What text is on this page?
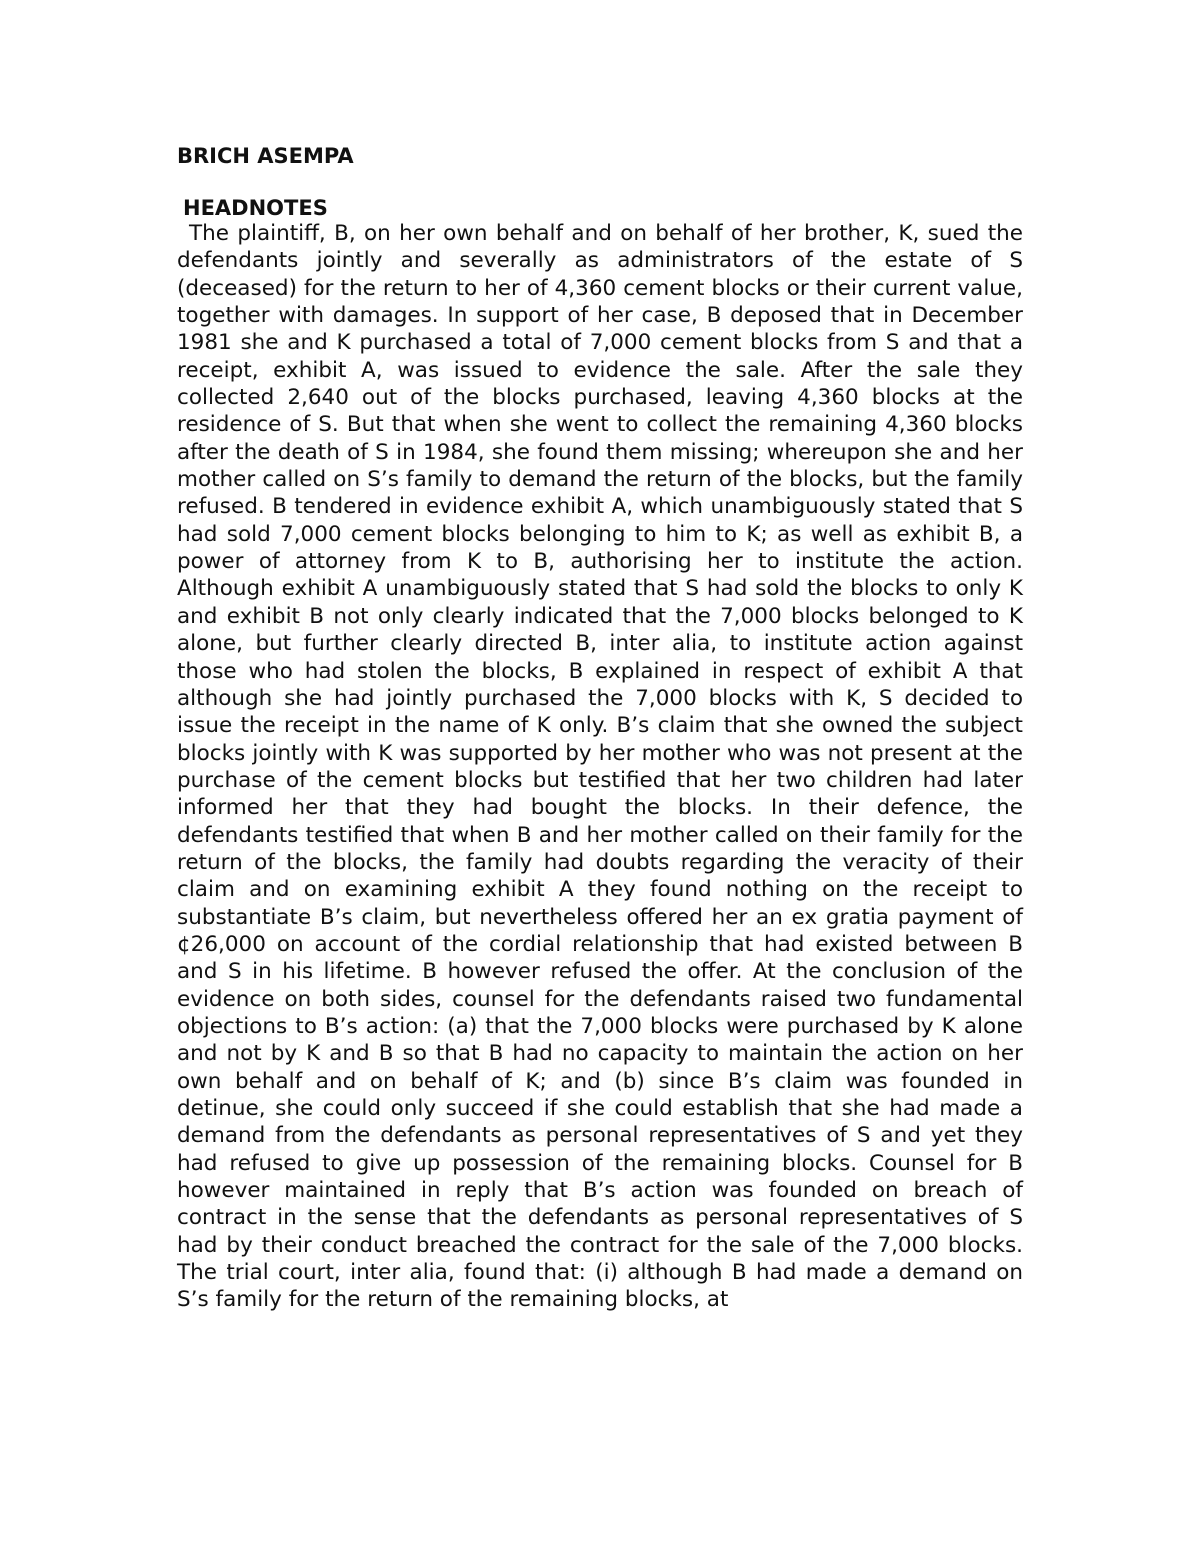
BRICH ASEMPA
HEADNOTES

The plaintiff, B, on her own behalf and on behalf of her brother, K, sued the defendants jointly and severally as administrators of the estate of S (deceased) for the return to her of 4,360 cement blocks or their current value, together with damages. In support of her case, B deposed that in December 1981 she and K purchased a total of 7,000 cement blocks from S and that a receipt, exhibit A, was issued to evidence the sale. After the sale they collected 2,640 out of the blocks purchased, leaving 4,360 blocks at the residence of S. But that when she went to collect the remaining 4,360 blocks after the death of S in 1984, she found them missing; whereupon she and her mother called on S’s family to demand the return of the blocks, but the family refused. B tendered in evidence exhibit A, which unambiguously stated that S had sold 7,000 cement blocks belonging to him to K; as well as exhibit B, a power of attorney from K to B, authorising her to institute the action. Although exhibit A unambiguously stated that S had sold the blocks to only K and exhibit B not only clearly indicated that the 7,000 blocks belonged to K alone, but further clearly directed B, inter alia, to institute action against those who had stolen the blocks, B explained in respect of exhibit A that although she had jointly purchased the 7,000 blocks with K, S decided to issue the receipt in the name of K only. B’s claim that she owned the subject blocks jointly with K was supported by her mother who was not present at the purchase of the cement blocks but testified that her two children had later informed her that they had bought the blocks. In their defence, the defendants testified that when B and her mother called on their family for the return of the blocks, the family had doubts regarding the veracity of their claim and on examining exhibit A they found nothing on the receipt to substantiate B’s claim, but nevertheless offered her an ex gratia payment of ¢26,000 on account of the cordial relationship that had existed between B and S in his lifetime. B however refused the offer. At the conclusion of the evidence on both sides, counsel for the defendants raised two fundamental objections to B’s action: (a) that the 7,000 blocks were purchased by K alone and not by K and B so that B had no capacity to maintain the action on her own behalf and on behalf of K; and (b) since B’s claim was founded in detinue, she could only succeed if she could establish that she had made a demand from the defendants as personal representatives of S and yet they had refused to give up possession of the remaining blocks. Counsel for B however maintained in reply that B’s action was founded on breach of contract in the sense that the defendants as personal representatives of S had by their conduct breached the contract for the sale of the 7,000 blocks. The trial court, inter alia, found that: (i) although B had made a demand on S’s family for the return of the remaining blocks, at
